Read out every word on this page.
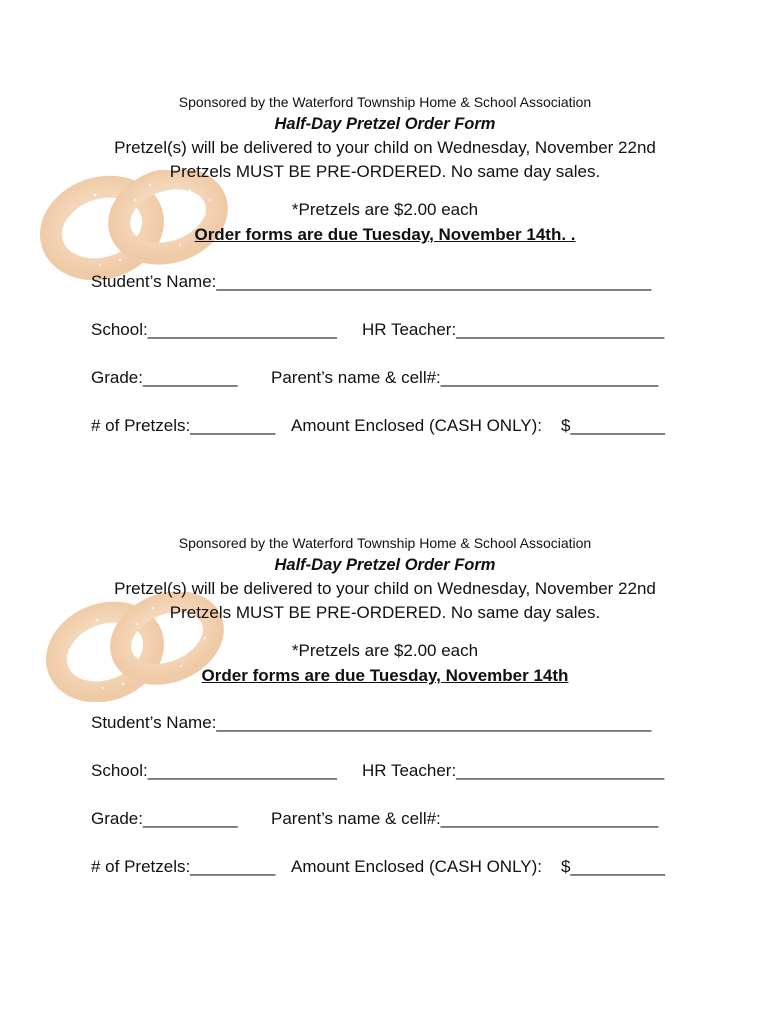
Sponsored by the Waterford Township Home & School Association
Half-Day Pretzel Order Form
Pretzel(s) will be delivered to your child on Wednesday, November 22nd
Pretzels MUST BE PRE-ORDERED. No same day sales.
*Pretzels are $2.00 each
Order forms are due Tuesday, November 14th. .
Student’s Name:______________________________________________
School:____________________ HR Teacher:______________________
Grade:__________ Parent’s name & cell#:_______________________
# of Pretzels:_________ Amount Enclosed (CASH ONLY): $__________
Sponsored by the Waterford Township Home & School Association
Half-Day Pretzel Order Form
Pretzel(s) will be delivered to your child on Wednesday, November 22nd
Pretzels MUST BE PRE-ORDERED. No same day sales.
*Pretzels are $2.00 each
Order forms are due Tuesday, November 14th
Student’s Name:______________________________________________
School:____________________ HR Teacher:______________________
Grade:__________ Parent’s name & cell#:_______________________
# of Pretzels:_________ Amount Enclosed (CASH ONLY): $__________
